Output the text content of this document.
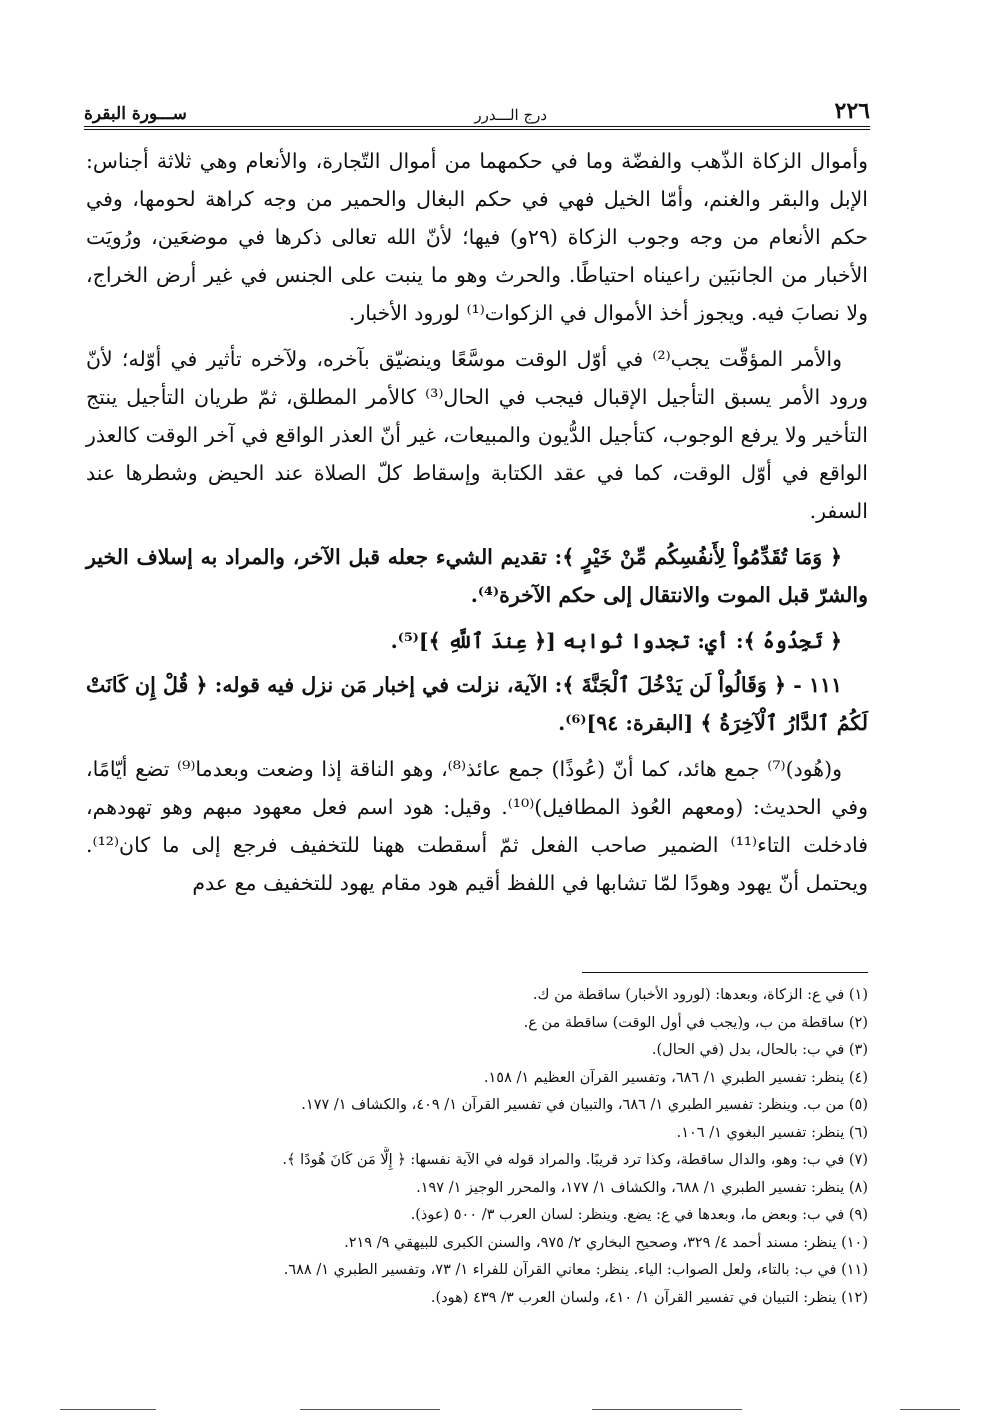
٢٢٦
درج الـــدرر
ســـورة البقرة

وأموال الزكاة الذّهب والفضّة وما في حكمهما من أموال التّجارة، والأنعام وهي ثلاثة أجناس: الإبل والبقر والغنم، وأمّا الخيل فهي في حكم البغال والحمير من وجه كراهة لحومها، وفي حكم الأنعام من وجه وجوب الزكاة (٢٩و) فيها؛ لأنّ الله تعالى ذكرها في موضعَين، ورُويَت الأخبار من الجانبَين راعيناه احتياطًا. والحرث وهو ما ينبت على الجنس في غير أرض الخراج، ولا نصابَ فيه. ويجوز أخذ الأموال في الزكوات⁽¹⁾ لورود الأخبار.

والأمر المؤقّت يجب⁽²⁾ في أوّل الوقت موسَّعًا وينضيّق بآخره، ولآخره تأثير في أوّله؛ لأنّ ورود الأمر يسبق التأجيل الإقبال فيجب في الحال⁽³⁾ كالأمر المطلق، ثمّ طريان التأجيل ينتج التأخير ولا يرفع الوجوب، كتأجيل الدُّيون والمبيعات، غير أنّ العذر الواقع في آخر الوقت كالعذر الواقع في أوّل الوقت، كما في عقد الكتابة وإسقاط كلّ الصلاة عند الحيض وشطرها عند السفر.

﴿ وَمَا تُقَدِّمُواْ لِأَنفُسِكُم مِّنْ خَيْرٍ ﴾: تقديم الشيء جعله قبل الآخر، والمراد به إسلاف الخير والشرّ قبل الموت والانتقال إلى حكم الآخرة⁽⁴⁾.

﴿ تَجِدُوهُ ﴾: أي: تجدوا ثوابه [﴿ عِندَ ٱللَّهِ ﴾]⁽⁵⁾.

١١١ - ﴿ وَقَالُواْ لَن يَدْخُلَ ٱلْجَنَّةَ ﴾: الآية، نزلت في إخبار مَن نزل فيه قوله: ﴿ قُلْ إِن كَانَتْ لَكُمُ ٱلدَّارُ ٱلْآخِرَةُ ﴾ [البقرة: ٩٤]⁽⁶⁾.

و(هُود)⁽⁷⁾ جمع هائد، كما أنّ (عُوذًا) جمع عائذ⁽⁸⁾، وهو الناقة إذا وضعت وبعدما⁽⁹⁾ تضع أيّامًا، وفي الحديث: (ومعهم العُوذ المطافيل)⁽¹⁰⁾. وقيل: هود اسم فعل معهود مبهم وهو تهودهم، فادخلت التاء⁽¹¹⁾ الضمير صاحب الفعل ثمّ أسقطت ههنا للتخفيف فرجع إلى ما كان⁽¹²⁾. ويحتمل أنّ يهود وهودًا لمّا تشابها في اللفظ أقيم هود مقام يهود للتخفيف مع عدم

(١) في ع: الزكاة، وبعدها: (لورود الأخبار) ساقطة من ك.
(٢) ساقطة من ب، و(يجب في أول الوقت) ساقطة من ع.
(٣) في ب: بالحال، بدل (في الحال).
(٤) ينظر: تفسير الطبري ١/ ٦٨٦، وتفسير القرآن العظيم ١/ ١٥٨.
(٥) من ب. وينظر: تفسير الطبري ١/ ٦٨٦، والتبيان في تفسير القرآن ١/ ٤٠٩، والكشاف ١/ ١٧٧.
(٦) ينظر: تفسير البغوي ١/ ١٠٦.
(٧) في ب: وهو، والدال ساقطة، وكذا ترد قريبًا. والمراد قوله في الآية نفسها: ﴿ إِلَّا مَن كَانَ هُودًا ﴾.
(٨) ينظر: تفسير الطبري ١/ ٦٨٨، والكشاف ١/ ١٧٧، والمحرر الوجيز ١/ ١٩٧.
(٩) في ب: وبعض ما، وبعدها في ع: يضع. وينظر: لسان العرب ٣/ ٥٠٠ (عوذ).
(١٠) ينظر: مسند أحمد ٤/ ٣٢٩، وصحيح البخاري ٢/ ٩٧٥، والسنن الكبرى للبيهقي ٩/ ٢١٩.
(١١) في ب: بالتاء، ولعل الصواب: الياء. ينظر: معاني القرآن للفراء ١/ ٧٣، وتفسير الطبري ١/ ٦٨٨.
(١٢) ينظر: التبيان في تفسير القرآن ١/ ٤١٠، ولسان العرب ٣/ ٤٣٩ (هود).
